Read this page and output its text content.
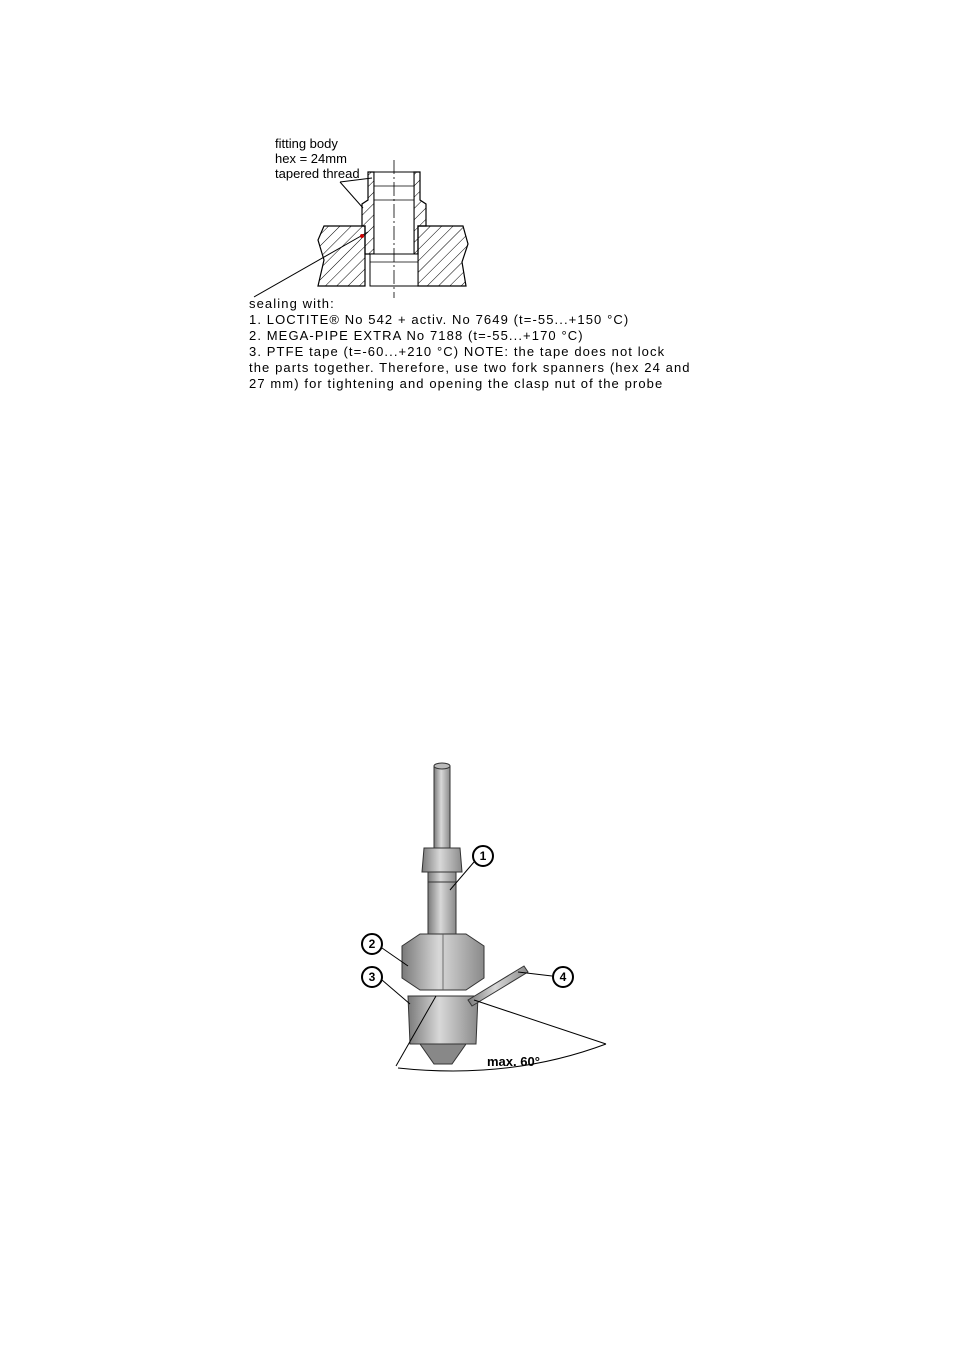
fitting body
hex = 24mm
tapered thread
sealing with:
1. LOCTITE® No 542 + activ. No 7649 (t=-55...+150 °C)
2. MEGA-PIPE EXTRA No 7188 (t=-55...+170 °C)
3. PTFE tape (t=-60...+210 °C) NOTE: the tape does not lock
the parts together. Therefore, use two fork spanners (hex 24 and
27 mm) for tightening and opening the clasp nut of the probe
1
2
3	4
max. 60°
